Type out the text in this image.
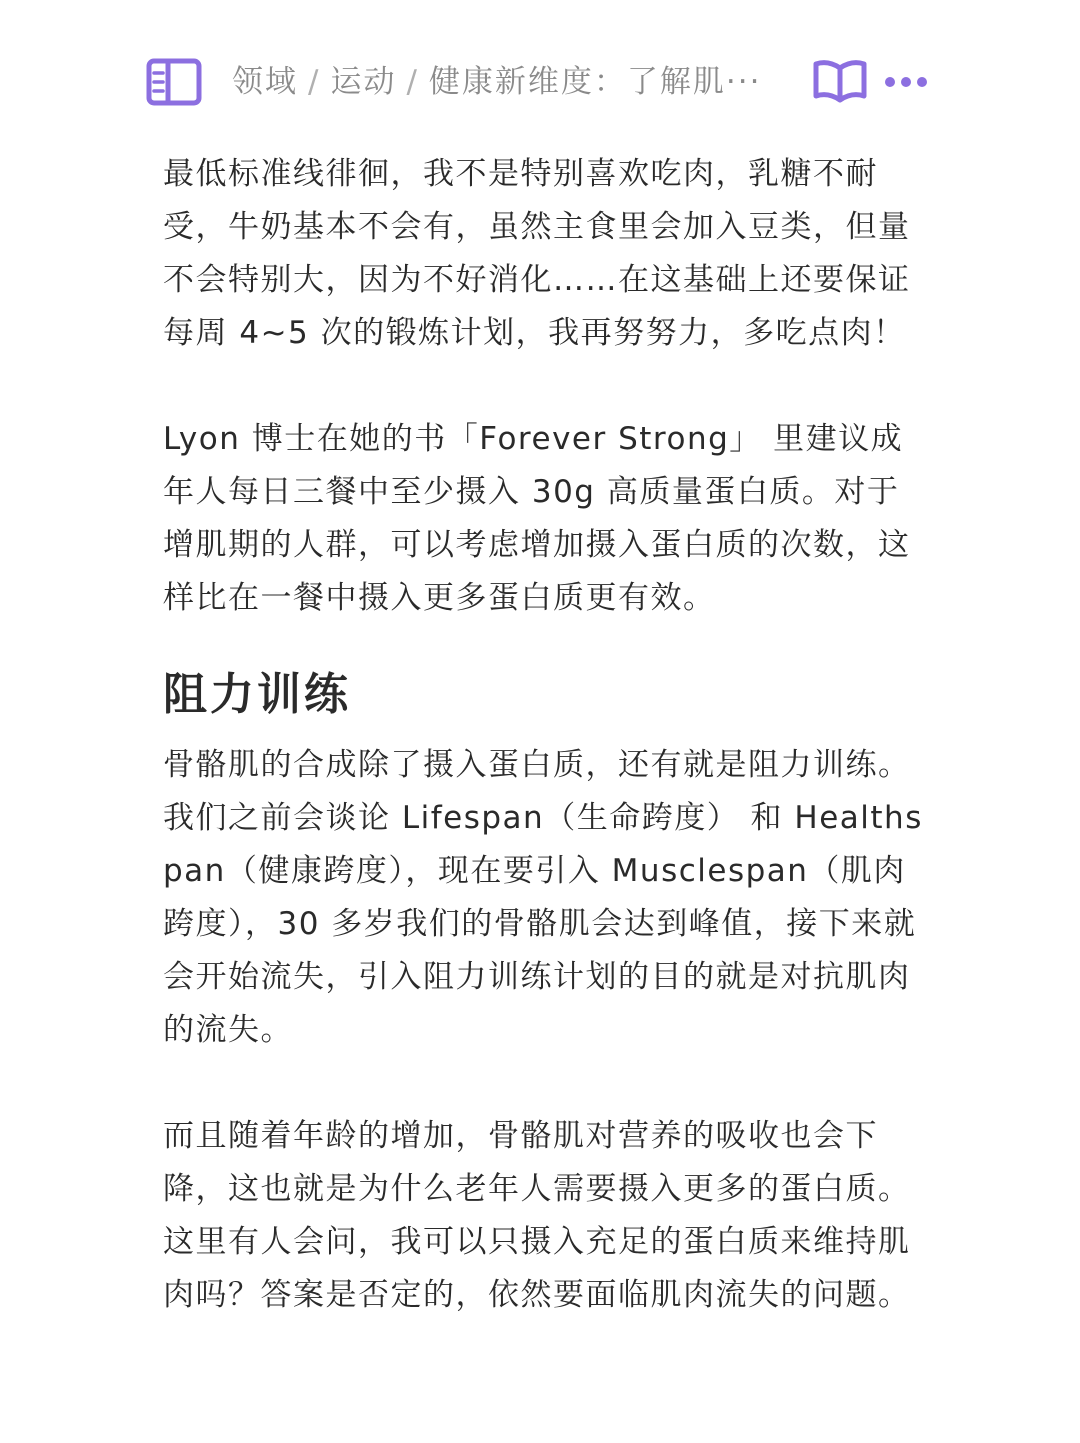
领域 / 运动 / 健康新维度：了解肌···

最低标准线徘徊，我不是特别喜欢吃肉，乳糖不耐受，牛奶基本不会有，虽然主食里会加入豆类，但量不会特别大，因为不好消化……在这基础上还要保证每周 4~5 次的锻炼计划，我再努努力，多吃点肉！

Lyon 博士在她的书「Forever Strong」 里建议成年人每日三餐中至少摄入 30g 高质量蛋白质。对于增肌期的人群，可以考虑增加摄入蛋白质的次数，这样比在一餐中摄入更多蛋白质更有效。

阻力训练

骨骼肌的合成除了摄入蛋白质，还有就是阻力训练。我们之前会谈论 Lifespan（生命跨度） 和 Healthspan（健康跨度），现在要引入 Musclespan（肌肉跨度），30 多岁我们的骨骼肌会达到峰值，接下来就会开始流失，引入阻力训练计划的目的就是对抗肌肉的流失。

而且随着年龄的增加，骨骼肌对营养的吸收也会下降，这也就是为什么老年人需要摄入更多的蛋白质。这里有人会问，我可以只摄入充足的蛋白质来维持肌肉吗？答案是否定的，依然要面临肌肉流失的问题。
